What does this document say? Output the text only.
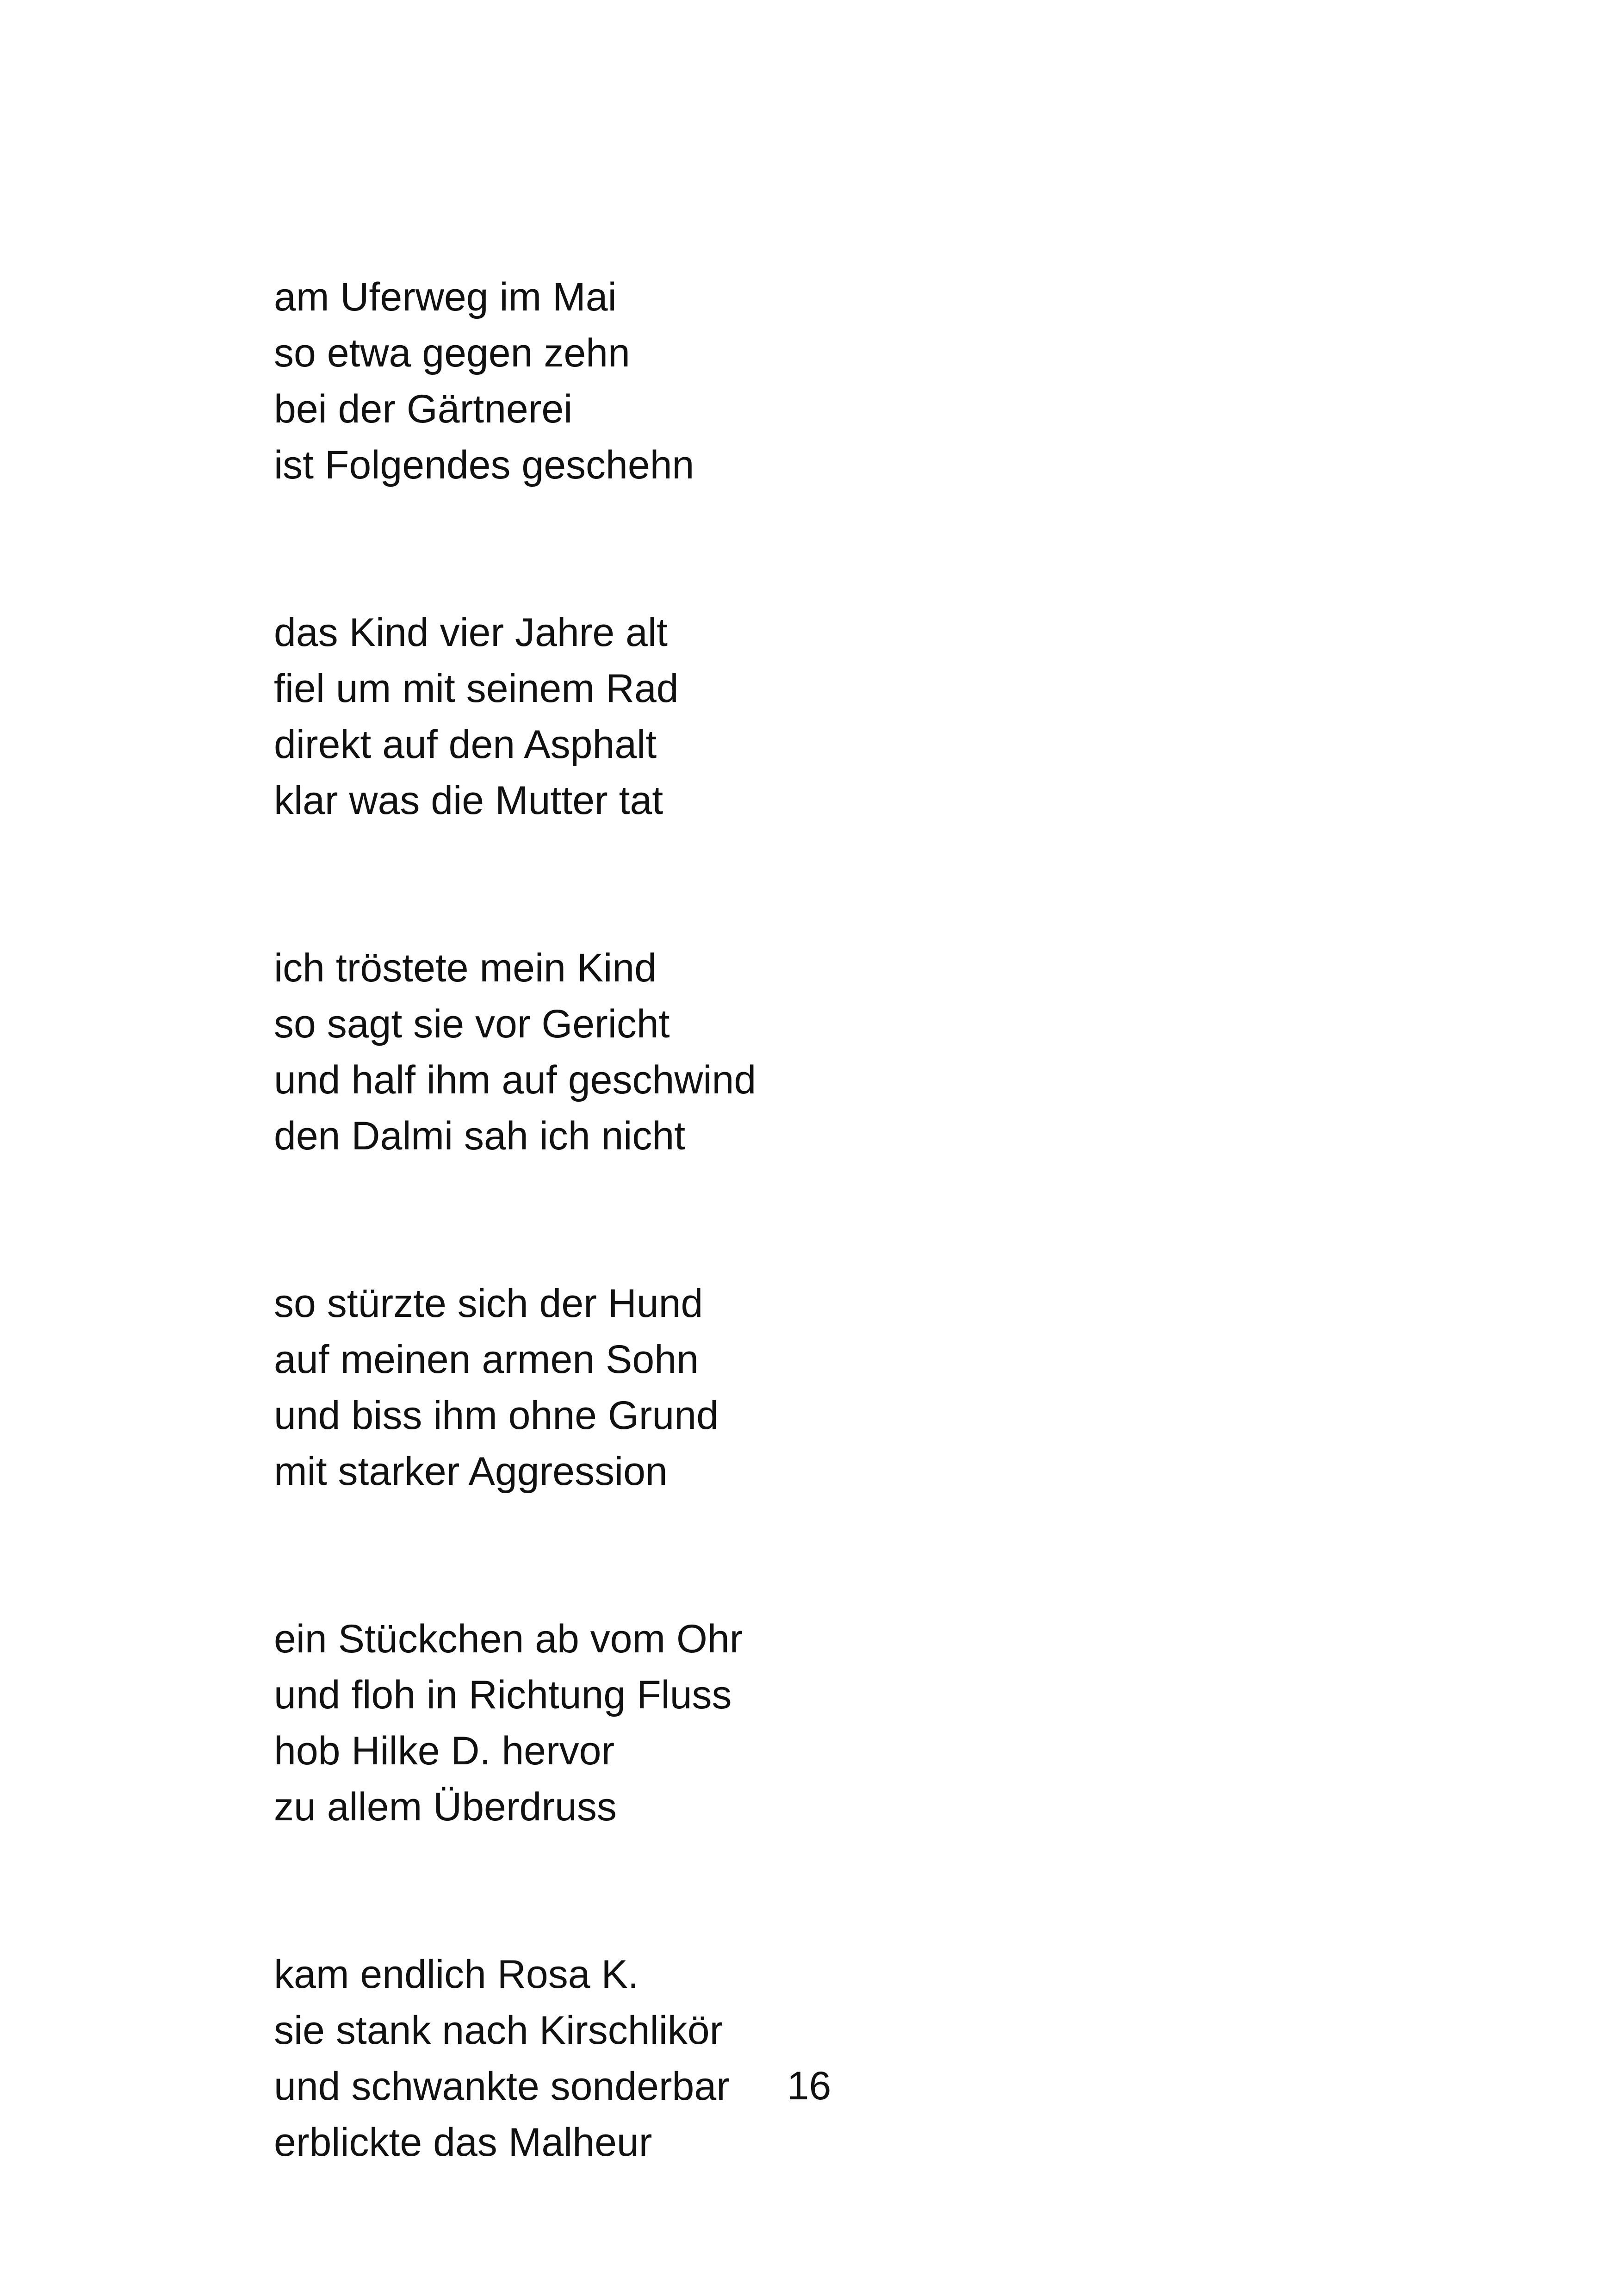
am Uferweg im Mai
so etwa gegen zehn
bei der Gärtnerei
ist Folgendes geschehn
das Kind vier Jahre alt
fiel um mit seinem Rad
direkt auf den Asphalt
klar was die Mutter tat
ich tröstete mein Kind
so sagt sie vor Gericht
und half ihm auf geschwind
den Dalmi sah ich nicht
so stürzte sich der Hund
auf meinen armen Sohn
und biss ihm ohne Grund
mit starker Aggression
ein Stückchen ab vom Ohr
und floh in Richtung Fluss
hob Hilke D. hervor
zu allem Überdruss
kam endlich Rosa K.
sie stank nach Kirschlikör
und schwankte sonderbar
erblickte das Malheur
16
